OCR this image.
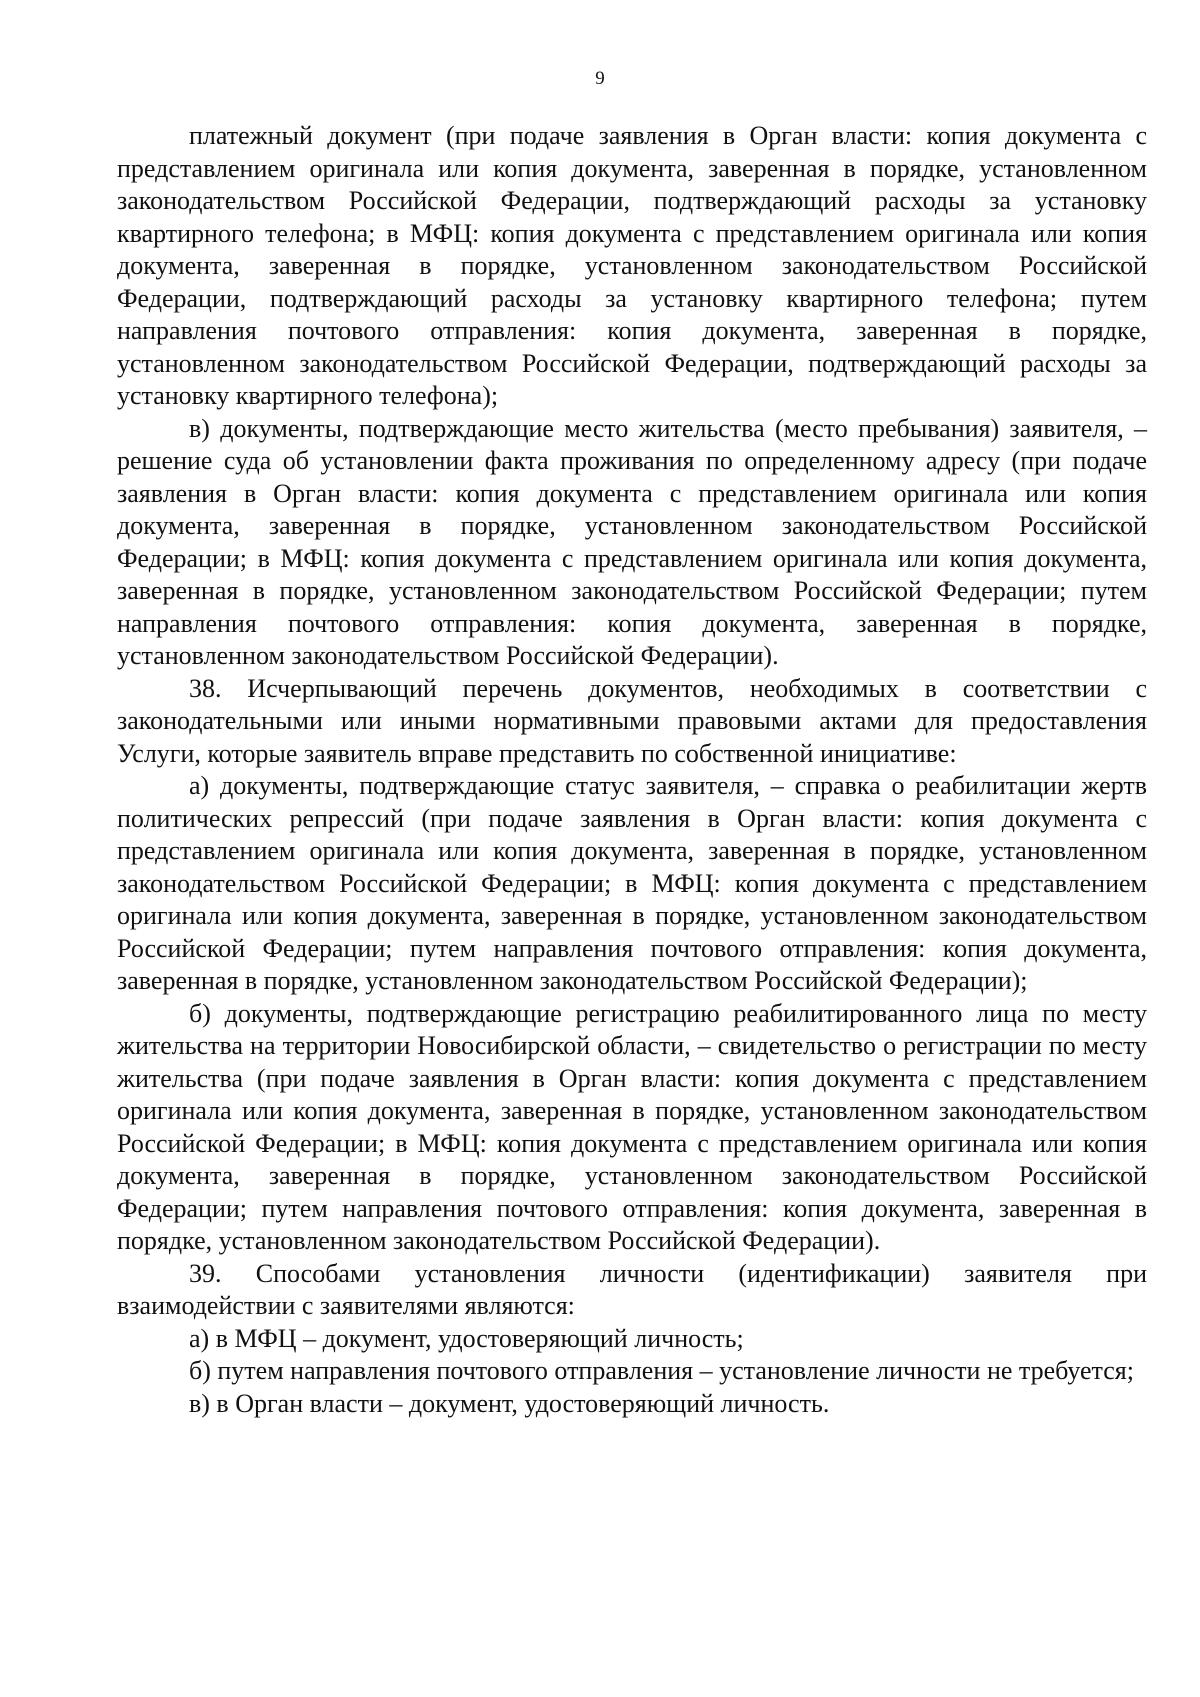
9

платежный документ (при подаче заявления в Орган власти: копия документа с представлением оригинала или копия документа, заверенная в порядке, установленном законодательством Российской Федерации, подтверждающий расходы за установку квартирного телефона; в МФЦ: копия документа с представлением оригинала или копия документа, заверенная в порядке, установленном законодательством Российской Федерации, подтверждающий расходы за установку квартирного телефона; путем направления почтового отправления: копия документа, заверенная в порядке, установленном законодательством Российской Федерации, подтверждающий расходы за установку квартирного телефона);

в) документы, подтверждающие место жительства (место пребывания) заявителя, – решение суда об установлении факта проживания по определенному адресу (при подаче заявления в Орган власти: копия документа с представлением оригинала или копия документа, заверенная в порядке, установленном законодательством Российской Федерации; в МФЦ: копия документа с представлением оригинала или копия документа, заверенная в порядке, установленном законодательством Российской Федерации; путем направления почтового отправления: копия документа, заверенная в порядке, установленном законодательством Российской Федерации).

38. Исчерпывающий перечень документов, необходимых в соответствии с законодательными или иными нормативными правовыми актами для предоставления Услуги, которые заявитель вправе представить по собственной инициативе:

а) документы, подтверждающие статус заявителя, – справка о реабилитации жертв политических репрессий (при подаче заявления в Орган власти: копия документа с представлением оригинала или копия документа, заверенная в порядке, установленном законодательством Российской Федерации; в МФЦ: копия документа с представлением оригинала или копия документа, заверенная в порядке, установленном законодательством Российской Федерации; путем направления почтового отправления: копия документа, заверенная в порядке, установленном законодательством Российской Федерации);

б) документы, подтверждающие регистрацию реабилитированного лица по месту жительства на территории Новосибирской области, – свидетельство о регистрации по месту жительства (при подаче заявления в Орган власти: копия документа с представлением оригинала или копия документа, заверенная в порядке, установленном законодательством Российской Федерации; в МФЦ: копия документа с представлением оригинала или копия документа, заверенная в порядке, установленном законодательством Российской Федерации; путем направления почтового отправления: копия документа, заверенная в порядке, установленном законодательством Российской Федерации).

39. Способами установления личности (идентификации) заявителя при взаимодействии с заявителями являются:

а) в МФЦ – документ, удостоверяющий личность;

б) путем направления почтового отправления – установление личности не требуется;

в) в Орган власти – документ, удостоверяющий личность.
